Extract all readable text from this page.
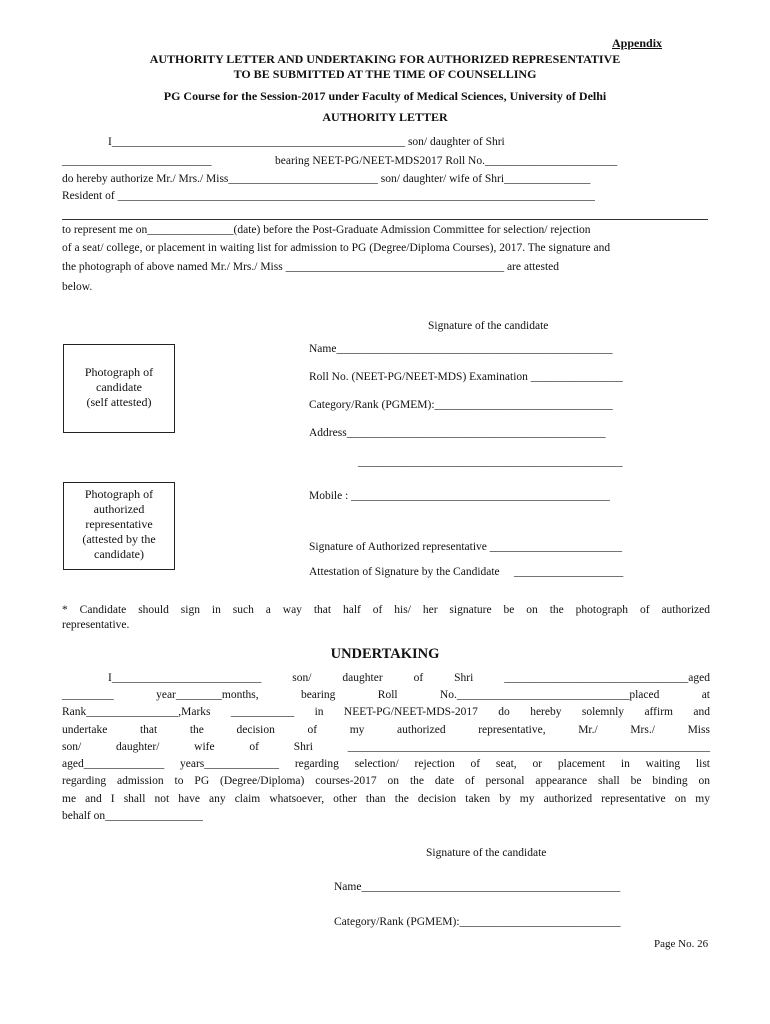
Appendix
AUTHORITY LETTER AND UNDERTAKING FOR AUTHORIZED REPRESENTATIVE
TO BE SUBMITTED AT THE TIME OF COUNSELLING
PG Course for the Session-2017 under Faculty of Medical Sciences, University of Delhi
AUTHORITY LETTER
I___________________________________________________ son/ daughter of Shri
__________________________	bearing NEET-PG/NEET-MDS2017 Roll No._______________________
do hereby authorize Mr./ Mrs./ Miss__________________________ son/ daughter/ wife of Shri_______________
Resident of ___________________________________________________________________________________
to represent me on_______________(date) before the Post-Graduate Admission Committee for selection/ rejection
of a seat/ college, or placement in waiting list for admission to PG (Degree/Diploma Courses), 2017. The signature and
the photograph of above named Mr./ Mrs./ Miss ______________________________________ are attested
below.
Signature of the candidate
Name________________________________________________
Photograph of
candidate
(self attested)
Roll No. (NEET-PG/NEET-MDS) Examination ________________
Category/Rank (PGMEM):_______________________________
Address_____________________________________________
______________________________________________
Photograph of
authorized
representative
(attested by the
candidate)
Mobile : _____________________________________________
Signature of Authorized representative _______________________
Attestation of Signature by the Candidate     ___________________
* Candidate should sign in such a way that half of his/ her signature be on the photograph of authorized
representative.
UNDERTAKING
I__________________________ son/ daughter of Shri ________________________________aged
_________ year________months, bearing Roll No.______________________________placed at
Rank________________,Marks ___________ in NEET-PG/NEET-MDS-2017 do hereby solemnly affirm and
undertake	that	the	decision	of	my	authorized	representative,	Mr./	Mrs./	Miss
son/ daughter/ wife of Shri _______________________________________________________________
aged______________ years_____________ regarding selection/ rejection of seat, or placement in waiting list
regarding admission to PG (Degree/Diploma) courses-2017 on the date of personal appearance shall be binding on
me and I shall not have any claim whatsoever, other than the decision taken by my authorized representative on my
behalf on_________________
Signature of the candidate
Name_____________________________________________
Category/Rank (PGMEM):____________________________
Page No. 26
